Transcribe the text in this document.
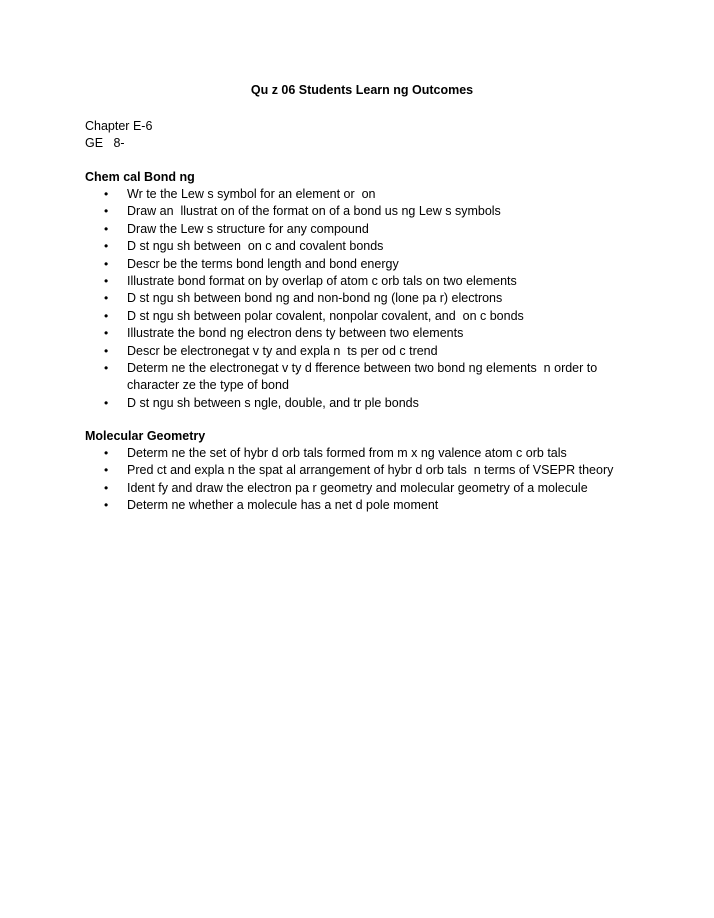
Qu z 06 Students Learn ng Outcomes
Chapter E-6
GE   8-
Chem cal Bond ng
• Wr te the Lew s symbol for an element or  on
• Draw an  llustrat on of the format on of a bond us ng Lew s symbols
• Draw the Lew s structure for any compound
• D st ngu sh between  on c and covalent bonds
• Descr be the terms bond length and bond energy
• Illustrate bond format on by overlap of atom c orb tals on two elements
• D st ngu sh between bond ng and non-bond ng (lone pa r) electrons
• D st ngu sh between polar covalent, nonpolar covalent, and  on c bonds
• Illustrate the bond ng electron dens ty between two elements
• Descr be electronegat v ty and expla n  ts per od c trend
• Determ ne the electronegat v ty d fference between two bond ng elements  n order to character ze the type of bond
• D st ngu sh between s ngle, double, and tr ple bonds
Molecular Geometry
• Determ ne the set of hybr d orb tals formed from m x ng valence atom c orb tals
• Pred ct and expla n the spat al arrangement of hybr d orb tals  n terms of VSEPR theory
• Ident fy and draw the electron pa r geometry and molecular geometry of a molecule
• Determ ne whether a molecule has a net d pole moment
